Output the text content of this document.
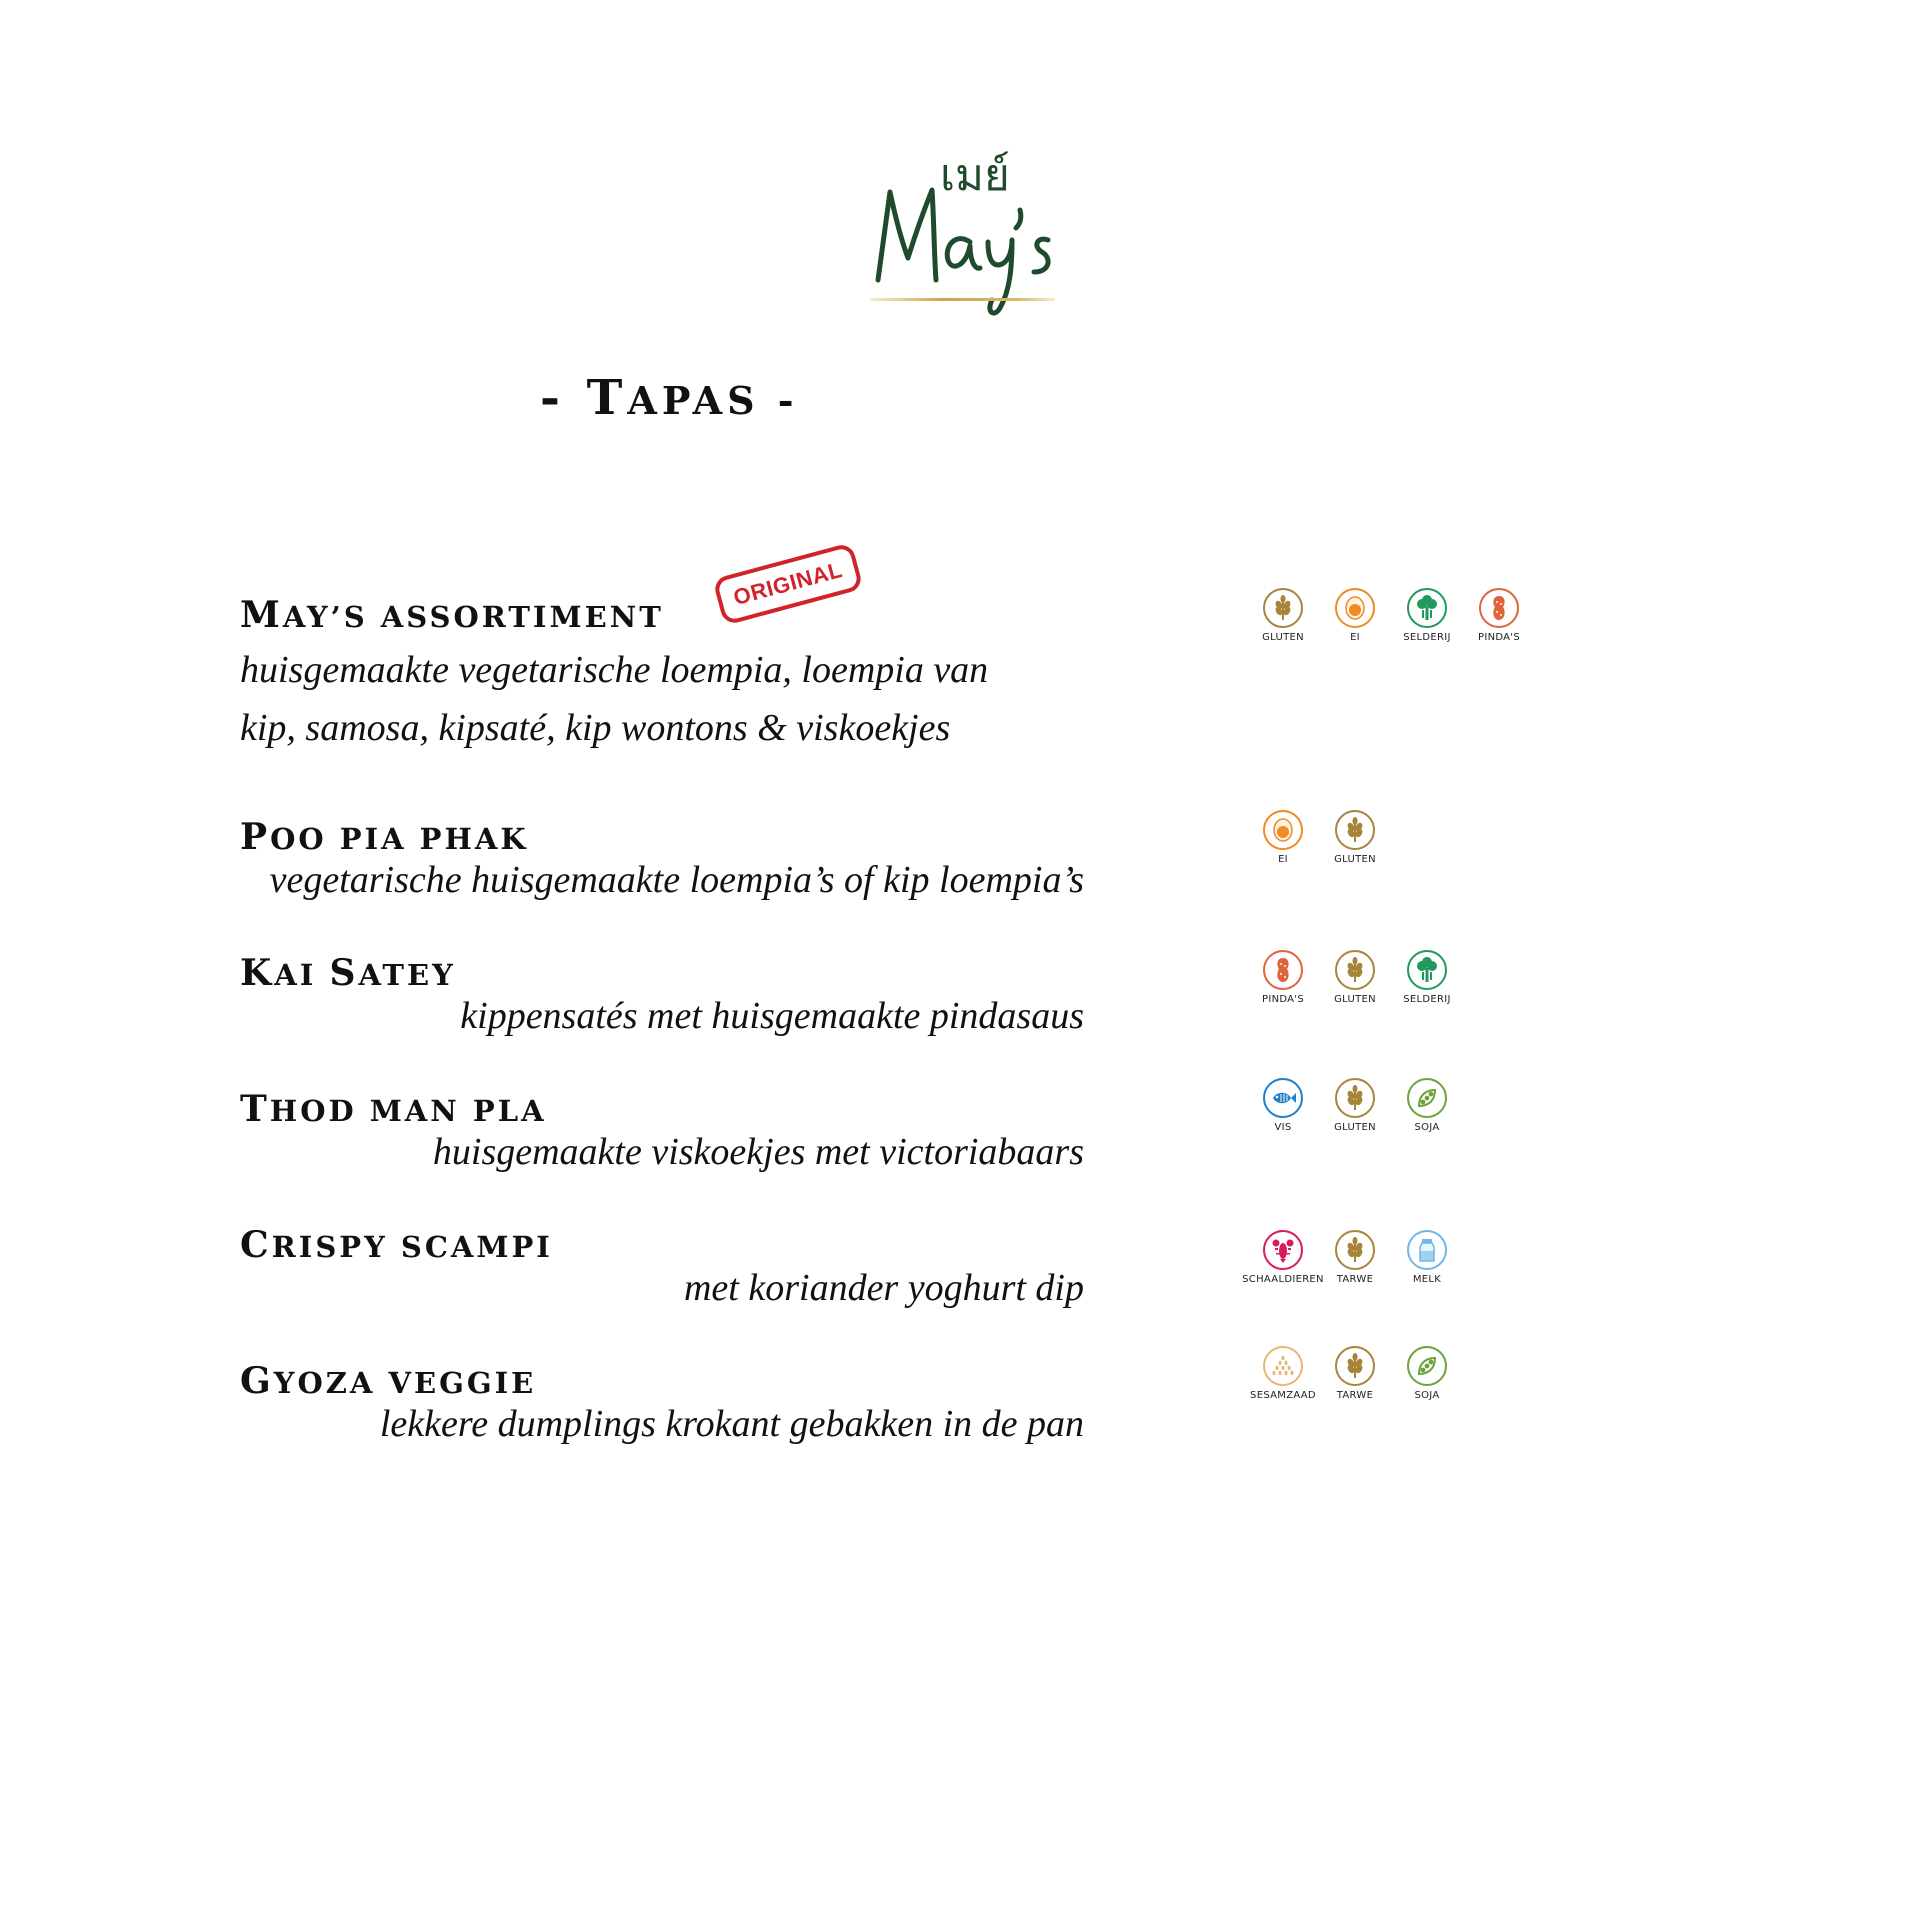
เมย์
- TAPAS -
MAY’S ASSORTIMENT
ORIGINAL
huisgemaakte vegetarische loempia, loempia van
kip, samosa, kipsaté, kip wontons & viskoekjes
POO PIA PHAK
vegetarische huisgemaakte loempia’s of kip loempia’s
KAI SATEY
kippensatés met huisgemaakte pindasaus
THOD MAN PLA
huisgemaakte viskoekjes met victoriabaars
CRISPY SCAMPI
met koriander yoghurt dip
GYOZA VEGGIE
lekkere dumplings krokant gebakken in de pan
GLUTEN	EI	SELDERIJ	PINDA'S
EI	GLUTEN
PINDA'S	GLUTEN	SELDERIJ
VIS	GLUTEN	SOJA
SCHAALDIEREN	TARWE	MELK
SESAMZAAD	TARWE	SOJA
